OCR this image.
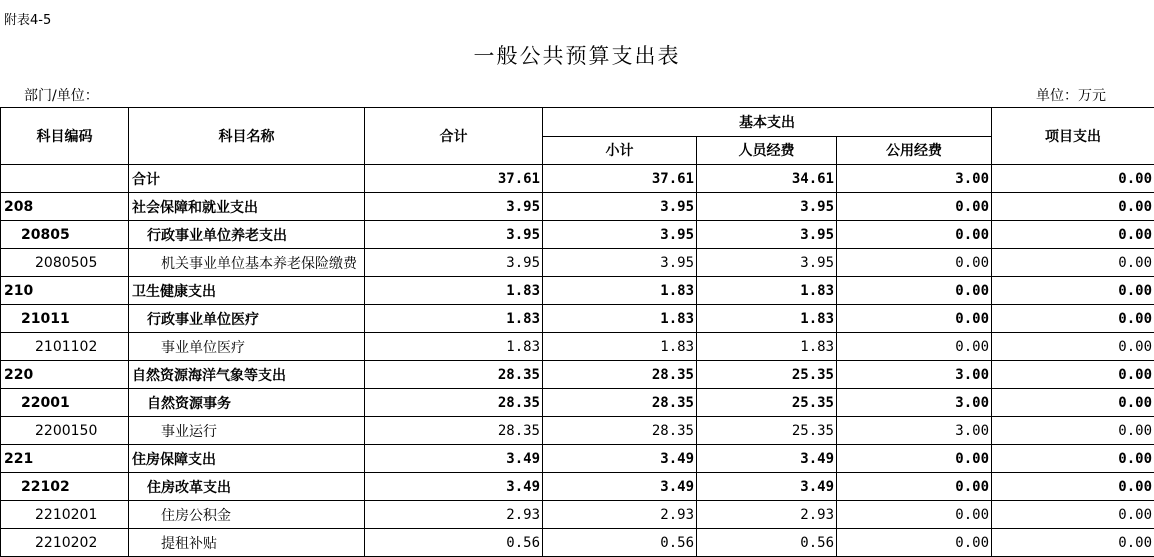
附表4-5
一般公共预算支出表
部门/单位：	单位：万元
科目编码	科目名称	合计	基本支出			项目支出
			小计	人员经费	公用经费	
	合计	37.61	37.61	34.61	3.00	0.00
208	社会保障和就业支出	3.95	3.95	3.95	0.00	0.00
20805	行政事业单位养老支出	3.95	3.95	3.95	0.00	0.00
2080505	机关事业单位基本养老保险缴费	3.95	3.95	3.95	0.00	0.00
210	卫生健康支出	1.83	1.83	1.83	0.00	0.00
21011	行政事业单位医疗	1.83	1.83	1.83	0.00	0.00
2101102	事业单位医疗	1.83	1.83	1.83	0.00	0.00
220	自然资源海洋气象等支出	28.35	28.35	25.35	3.00	0.00
22001	自然资源事务	28.35	28.35	25.35	3.00	0.00
2200150	事业运行	28.35	28.35	25.35	3.00	0.00
221	住房保障支出	3.49	3.49	3.49	0.00	0.00
22102	住房改革支出	3.49	3.49	3.49	0.00	0.00
2210201	住房公积金	2.93	2.93	2.93	0.00	0.00
2210202	提租补贴	0.56	0.56	0.56	0.00	0.00
